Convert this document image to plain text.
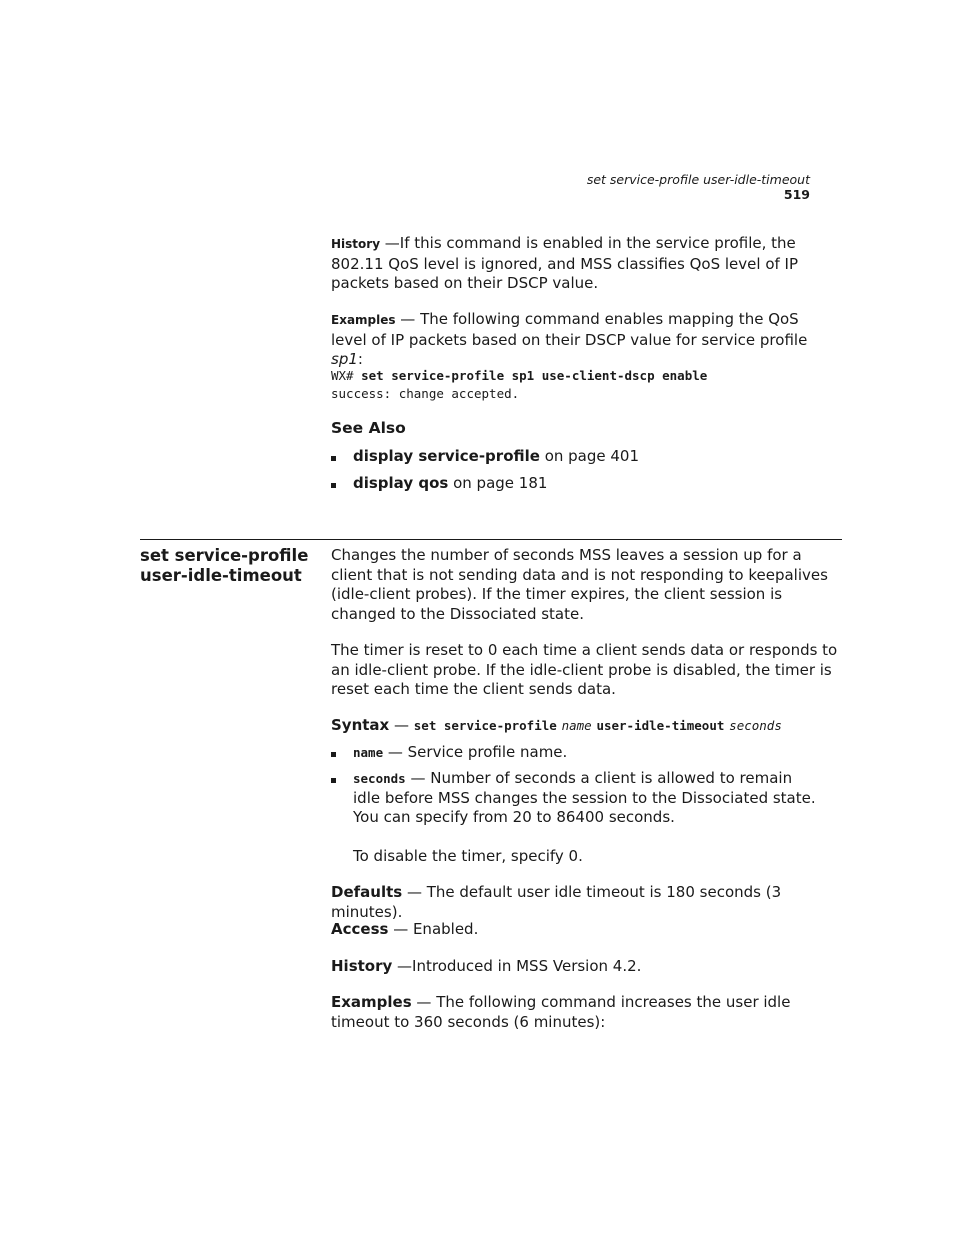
set service-profile user-idle-timeout 519

History —If this command is enabled in the service profile, the 802.11 QoS level is ignored, and MSS classifies QoS level of IP packets based on their DSCP value.

Examples — The following command enables mapping the QoS level of IP packets based on their DSCP value for service profile sp1:

WX# set service-profile sp1 use-client-dscp enable
success: change accepted.
See Also
display service-profile on page 401
display qos on page 181
set service-profile
user-idle-timeout

Changes the number of seconds MSS leaves a session up for a client that is not sending data and is not responding to keepalives (idle-client probes). If the timer expires, the client session is changed to the Dissociated state.

The timer is reset to 0 each time a client sends data or responds to an idle-client probe. If the idle-client probe is disabled, the timer is reset each time the client sends data.

Syntax — set service-profile name user-idle-timeout seconds

name — Service profile name.
seconds — Number of seconds a client is allowed to remain idle before MSS changes the session to the Dissociated state. You can specify from 20 to 86400 seconds.

To disable the timer, specify 0.

Defaults — The default user idle timeout is 180 seconds (3 minutes).

Access — Enabled.

History —Introduced in MSS Version 4.2.

Examples — The following command increases the user idle timeout to 360 seconds (6 minutes):
